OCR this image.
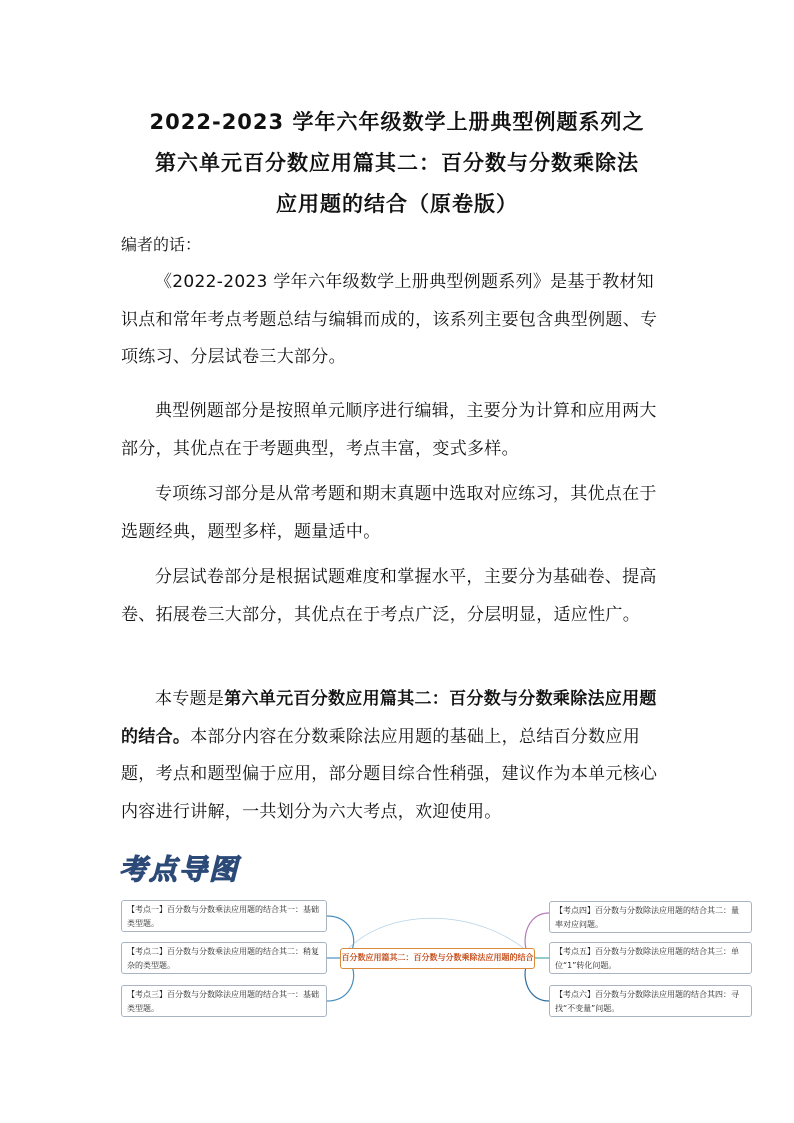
2022-2023 学年六年级数学上册典型例题系列之
第六单元百分数应用篇其二：百分数与分数乘除法
应用题的结合（原卷版）
编者的话：
《2022-2023 学年六年级数学上册典型例题系列》是基于教材知识点和常年考点考题总结与编辑而成的，该系列主要包含典型例题、专项练习、分层试卷三大部分。
典型例题部分是按照单元顺序进行编辑，主要分为计算和应用两大部分，其优点在于考题典型，考点丰富，变式多样。
专项练习部分是从常考题和期末真题中选取对应练习，其优点在于选题经典，题型多样，题量适中。
分层试卷部分是根据试题难度和掌握水平，主要分为基础卷、提高卷、拓展卷三大部分，其优点在于考点广泛，分层明显，适应性广。
本专题是第六单元百分数应用篇其二：百分数与分数乘除法应用题的结合。本部分内容在分数乘除法应用题的基础上，总结百分数应用题，考点和题型偏于应用，部分题目综合性稍强，建议作为本单元核心内容进行讲解，一共划分为六大考点，欢迎使用。
考点导图
【考点一】百分数与分数乘法应用题的结合其一：基础类型题。
【考点二】百分数与分数乘法应用题的结合其二：稍复杂的类型题。
【考点三】百分数与分数除法应用题的结合其一：基础类型题。
百分数应用篇其二：百分数与分数乘除法应用题的结合
【考点四】百分数与分数除法应用题的结合其二：量率对应问题。
【考点五】百分数与分数除法应用题的结合其三：单位“1”转化问题。
【考点六】百分数与分数除法应用题的结合其四：寻找“不变量”问题。
